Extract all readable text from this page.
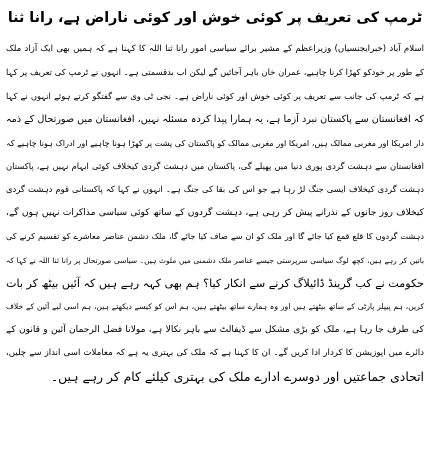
ٹرمپ کی تعریف پر کوئی خوش اور کوئی ناراض ہے، رانا ثنا
اسلام آباد (خبرایجنسیاں) وزیراعظم کے مشیر برائے سیاسی امور رانا ثنا اللہ کا کہنا ہے کہ ہمیں بھی ایک آزاد ملک
کے طور پر خودکو کھڑا کرنا چاہیے، عمران خان باہر آجائیں گے لیکن اب بدقسمتی ہے۔ انہوں نے ٹرمپ کی تعریف پر کہا
ہے کہ ٹرمپ کی جانب سے تعریف پر کوئی خوش اور کوئی ناراض ہے۔ نجی ٹی وی سے گفتگو کرتے ہوئے انہوں نے کہا
کہ افغانستان سے پاکستان نبرد آزما ہے، یہ ہمارا پیدا کردہ مسئلہ نہیں، افغانستان میں صورتحال کے ذمہ
دار امریکا اور مغربی ممالک ہیں، امریکا اور مغربی ممالک کو پاکستان کی پشت پر کھڑا ہونا چاہیے اور ادراک ہونا چاہیے کہ
افغانستان سے دہشت گردی پوری دنیا میں پھیلے گی، پاکستان میں دہشت گردی کیخلاف کوئی ابہام نہیں ہے، پاکستان
دہشت گردی کیخلاف ایسی جنگ لڑ رہا ہے جو اس کی بقا کی جنگ ہے۔ انہوں نے کہا کہ پاکستانی قوم دہشت گردی
کیخلاف روز جانوں کے نذرانے پیش کر رہی ہے، دہشت گردوں کے ساتھ کوئی سیاسی مذاکرات نہیں ہوں گے،
دہشت گردوں کا قلع قمع کیا جائے گا اور ملک کو ان سے صاف کیا جائے گا، ملک دشمن عناصر معاشرے کو تقسیم کرنے کی
باتیں کر رہے ہیں، کچھ لوگ سیاسی سرپرستی جیسے عناصر ملک دشمنی میں ملوث ہیں۔ سیاسی صورتحال پر رانا ثنا اللہ نے کہا کہ
حکومت نے کب گرینڈ ڈائیلاگ کرنے سے انکار کیا؟ ہم بھی کہہ رہے ہیں کہ آئیں بیٹھ کر بات
کریں، ہم پیپلز پارٹی کے ساتھ بیٹھتے ہیں اور وہ ہمارے ساتھ بیٹھتے ہیں، ہم اس کو کیسے دیکھتے ہیں، ہم اسی لیے آئین کے خلاف
کی طرف جا رہا ہے، ملک کو بڑی مشکل سے ڈیفالٹ سے باہر نکالا ہے، مولانا فضل الرحمان آئین و قانون کے
دائرے میں اپوزیشن کا کردار ادا کریں گے۔ ان کا کہنا ہے کہ ملک کی بہتری یہ ہے کہ معاملات اسی انداز سے چلیں،
اتحادی جماعتیں اور دوسرے ادارے ملک کی بہتری کیلئے کام کر رہے ہیں۔
